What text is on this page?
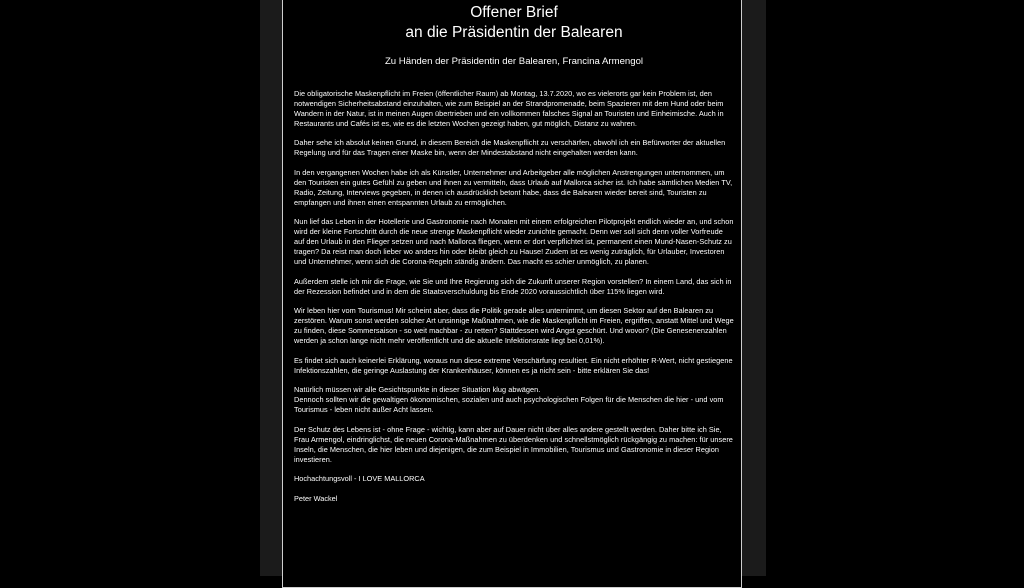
Offener Brief
an die Präsidentin der Balearen
Zu Händen der Präsidentin der Balearen, Francina Armengol

Die obligatorische Maskenpflicht im Freien (öffentlicher Raum) ab Montag, 13.7.2020, wo es vielerorts gar kein Problem ist, den notwendigen Sicherheitsabstand einzuhalten, wie zum Beispiel an der Strandpromenade, beim Spazieren mit dem Hund oder beim Wandern in der Natur, ist in meinen Augen übertrieben und ein vollkommen falsches Signal an Touristen und Einheimische. Auch in Restaurants und Cafés ist es, wie es die letzten Wochen gezeigt haben, gut möglich, Distanz zu wahren.

Daher sehe ich absolut keinen Grund, in diesem Bereich die Maskenpflicht zu verschärfen, obwohl ich ein Befürworter der aktuellen Regelung und für das Tragen einer Maske bin, wenn der Mindestabstand nicht eingehalten werden kann.

In den vergangenen Wochen habe ich als Künstler, Unternehmer und Arbeitgeber alle möglichen Anstrengungen unternommen, um den Touristen ein gutes Gefühl zu geben und ihnen zu vermitteln, dass Urlaub auf Mallorca sicher ist. Ich habe sämtlichen Medien TV, Radio, Zeitung, Interviews gegeben, in denen ich ausdrücklich betont habe, dass die Balearen wieder bereit sind, Touristen zu empfangen und ihnen einen entspannten Urlaub zu ermöglichen.

Nun lief das Leben in der Hotellerie und Gastronomie nach Monaten mit einem erfolgreichen Pilotprojekt endlich wieder an, und schon wird der kleine Fortschritt durch die neue strenge Maskenpflicht wieder zunichte gemacht. Denn wer soll sich denn voller Vorfreude auf den Urlaub in den Flieger setzen und nach Mallorca fliegen, wenn er dort verpflichtet ist, permanent einen Mund-Nasen-Schutz zu tragen? Da reist man doch lieber wo anders hin oder bleibt gleich zu Hause! Zudem ist es wenig zuträglich, für Urlauber, Investoren und Unternehmer, wenn sich die Corona-Regeln ständig ändern. Das macht es schier unmöglich, zu planen.

Außerdem stelle ich mir die Frage, wie Sie und Ihre Regierung sich die Zukunft unserer Region vorstellen? In einem Land, das sich in der Rezession befindet und in dem die Staatsverschuldung bis Ende 2020 voraussichtlich über 115% liegen wird.

Wir leben hier vom Tourismus! Mir scheint aber, dass die Politik gerade alles unternimmt, um diesen Sektor auf den Balearen zu zerstören. Warum sonst werden solcher Art unsinnige Maßnahmen, wie die Maskenpflicht im Freien, ergriffen, anstatt Mittel und Wege zu finden, diese Sommersaison - so weit machbar - zu retten? Stattdessen wird Angst geschürt. Und wovor? (Die Genesenenzahlen werden ja schon lange nicht mehr veröffentlicht und die aktuelle Infektionsrate liegt bei 0,01%).

Es findet sich auch keinerlei Erklärung, woraus nun diese extreme Verschärfung resultiert. Ein nicht erhöhter R-Wert, nicht gestiegene Infektionszahlen, die geringe Auslastung der Krankenhäuser, können es ja nicht sein - bitte erklären Sie das!

Natürlich müssen wir alle Gesichtspunkte in dieser Situation klug abwägen.
Dennoch sollten wir die gewaltigen ökonomischen, sozialen und auch psychologischen Folgen für die Menschen die hier - und vom Tourismus - leben nicht außer Acht lassen.

Der Schutz des Lebens ist - ohne Frage - wichtig, kann aber auf Dauer nicht über alles andere gestellt werden. Daher bitte ich Sie, Frau Armengol, eindringlichst, die neuen Corona-Maßnahmen zu überdenken und schnellstmöglich rückgängig zu machen: für unsere Inseln, die Menschen, die hier leben und diejenigen, die zum Beispiel in Immobilien, Tourismus und Gastronomie in dieser Region investieren.

Hochachtungsvoll - I LOVE MALLORCA

Peter Wackel
